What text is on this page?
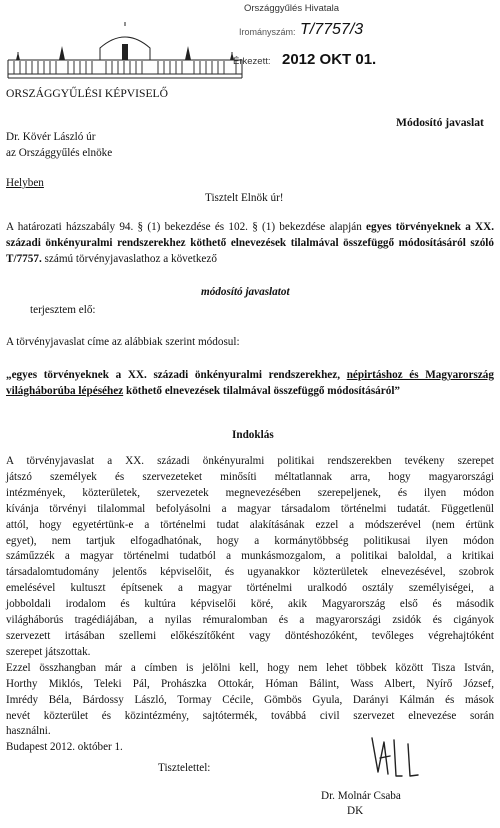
Országgyűlés Hivatala
Irományszám: T/7757/3
Érkezett: 2012 OKT 01.
ORSZÁGGYŰLÉSI KÉPVISELŐ
Módosító javaslat
Dr. Kövér László úr
az Országgyűlés elnöke
Helyben
Tisztelt Elnök úr!
A határozati házszabály 94. § (1) bekezdése és 102. § (1) bekezdése alapján egyes törvényeknek a XX. századi önkényuralmi rendszerekhez köthető elnevezések tilalmával összefüggő módosításáról szóló T/7757. számú törvényjavaslathoz a következő
módosító javaslatot
terjesztem elő:
A törvényjavaslat címe az alábbiak szerint módosul:
„egyes törvényeknek a XX. századi önkényuralmi rendszerekhez, népirtáshoz és Magyarország világháborúba lépéséhez köthető elnevezések tilalmával összefüggő módosításáról”
Indoklás
A törvényjavaslat a XX. századi önkényuralmi politikai rendszerekben tevékeny szerepet
játszó személyek és szervezeteket minősíti méltatlannak arra, hogy magyarországi
intézmények, közterületek, szervezetek megnevezésében szerepeljenek, és ilyen módon
kívánja törvényi tilalommal befolyásolni a magyar társadalom történelmi tudatát. Függetlenül
attól, hogy egyetértünk-e a történelmi tudat alakításának ezzel a módszerével (nem értünk
egyet), nem tartjuk elfogadhatónak, hogy a kormánytöbbség politikusai ilyen módon
száműzzék a magyar történelmi tudatból a munkásmozgalom, a politikai baloldal, a kritikai
társadalomtudomány jelentős képviselőit, és ugyanakkor közterületek elnevezésével, szobrok
emelésével kultuszt építsenek a magyar történelmi uralkodó osztály személyiségei, a
jobboldali irodalom és kultúra képviselői köré, akik Magyarország első és második
világháborús tragédiájában, a nyilas rémuralomban és a magyarországi zsidók és cigányok
szervezett irtásában szellemi előkészítőként vagy döntéshozóként, tevőleges végrehajtóként
szerepet játszottak.
Ezzel összhangban már a címben is jelölni kell, hogy nem lehet többek között Tisza István,
Horthy Miklós, Teleki Pál, Prohászka Ottokár, Hóman Bálint, Wass Albert, Nyírő József,
Imrédy Béla, Bárdossy László, Tormay Cécile, Gömbös Gyula, Darányi Kálmán és mások
nevét közterület és közintézmény, sajtótermék, továbbá civil szervezet elnevezése során
használni.
Budapest 2012. október 1.
Tisztelettel:
Dr. Molnár Csaba
DK
